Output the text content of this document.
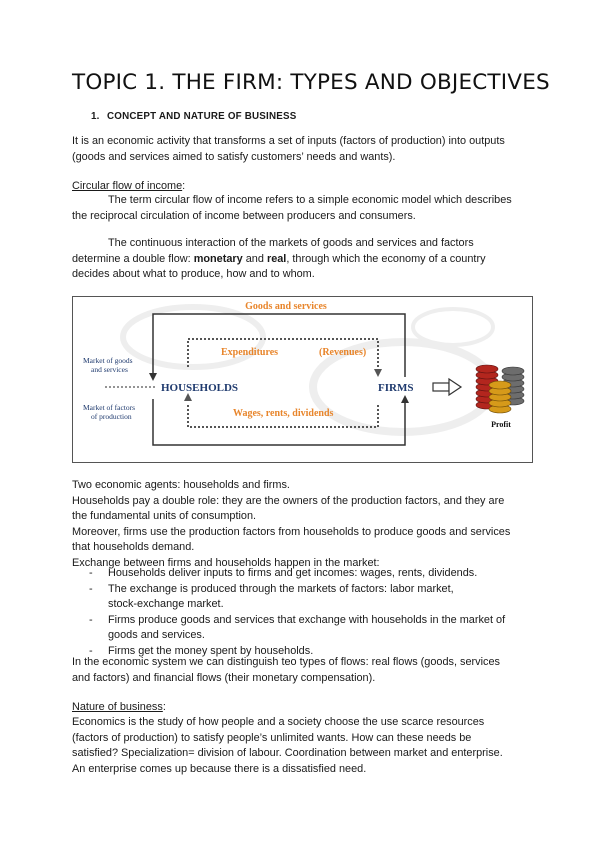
TOPIC 1. THE FIRM: TYPES AND OBJECTIVES
1. CONCEPT AND NATURE OF BUSINESS
It is an economic activity that transforms a set of inputs (factors of production) into outputs
(goods and services aimed to satisfy customers’ needs and wants).
Circular flow of income:
The term circular flow of income refers to a simple economic model which describes
the reciprocal circulation of income between producers and consumers.
The continuous interaction of the markets of goods and services and factors
determine a double flow: monetary and real, through which the economy of a country
decides about what to produce, how and to whom.
Goods and services
Expenditures	(Revenues)
HOUSEHOLDS	FIRMS
Wages, rents, dividends
Market of goods
and services
Market of factors
of production
Profit
Two economic agents: households and firms.
Households pay a double role: they are the owners of the production factors, and they are
the fundamental units of consumption.
Moreover, firms use the production factors from households to produce goods and services
that households demand.
Exchange between firms and households happen in the market:
- Households deliver inputs to firms and get incomes: wages, rents, dividends.
- The exchange is produced through the markets of factors: labor market,
stock-exchange market.
- Firms produce goods and services that exchange with households in the market of
goods and services.
- Firms get the money spent by households.
In the economic system we can distinguish teo types of flows: real flows (goods, services
and factors) and financial flows (their monetary compensation).
Nature of business:
Economics is the study of how people and a society choose the use scarce resources
(factors of production) to satisfy people’s unlimited wants. How can these needs be
satisfied? Specialization= division of labour. Coordination between market and enterprise.
An enterprise comes up because there is a dissatisfied need.
